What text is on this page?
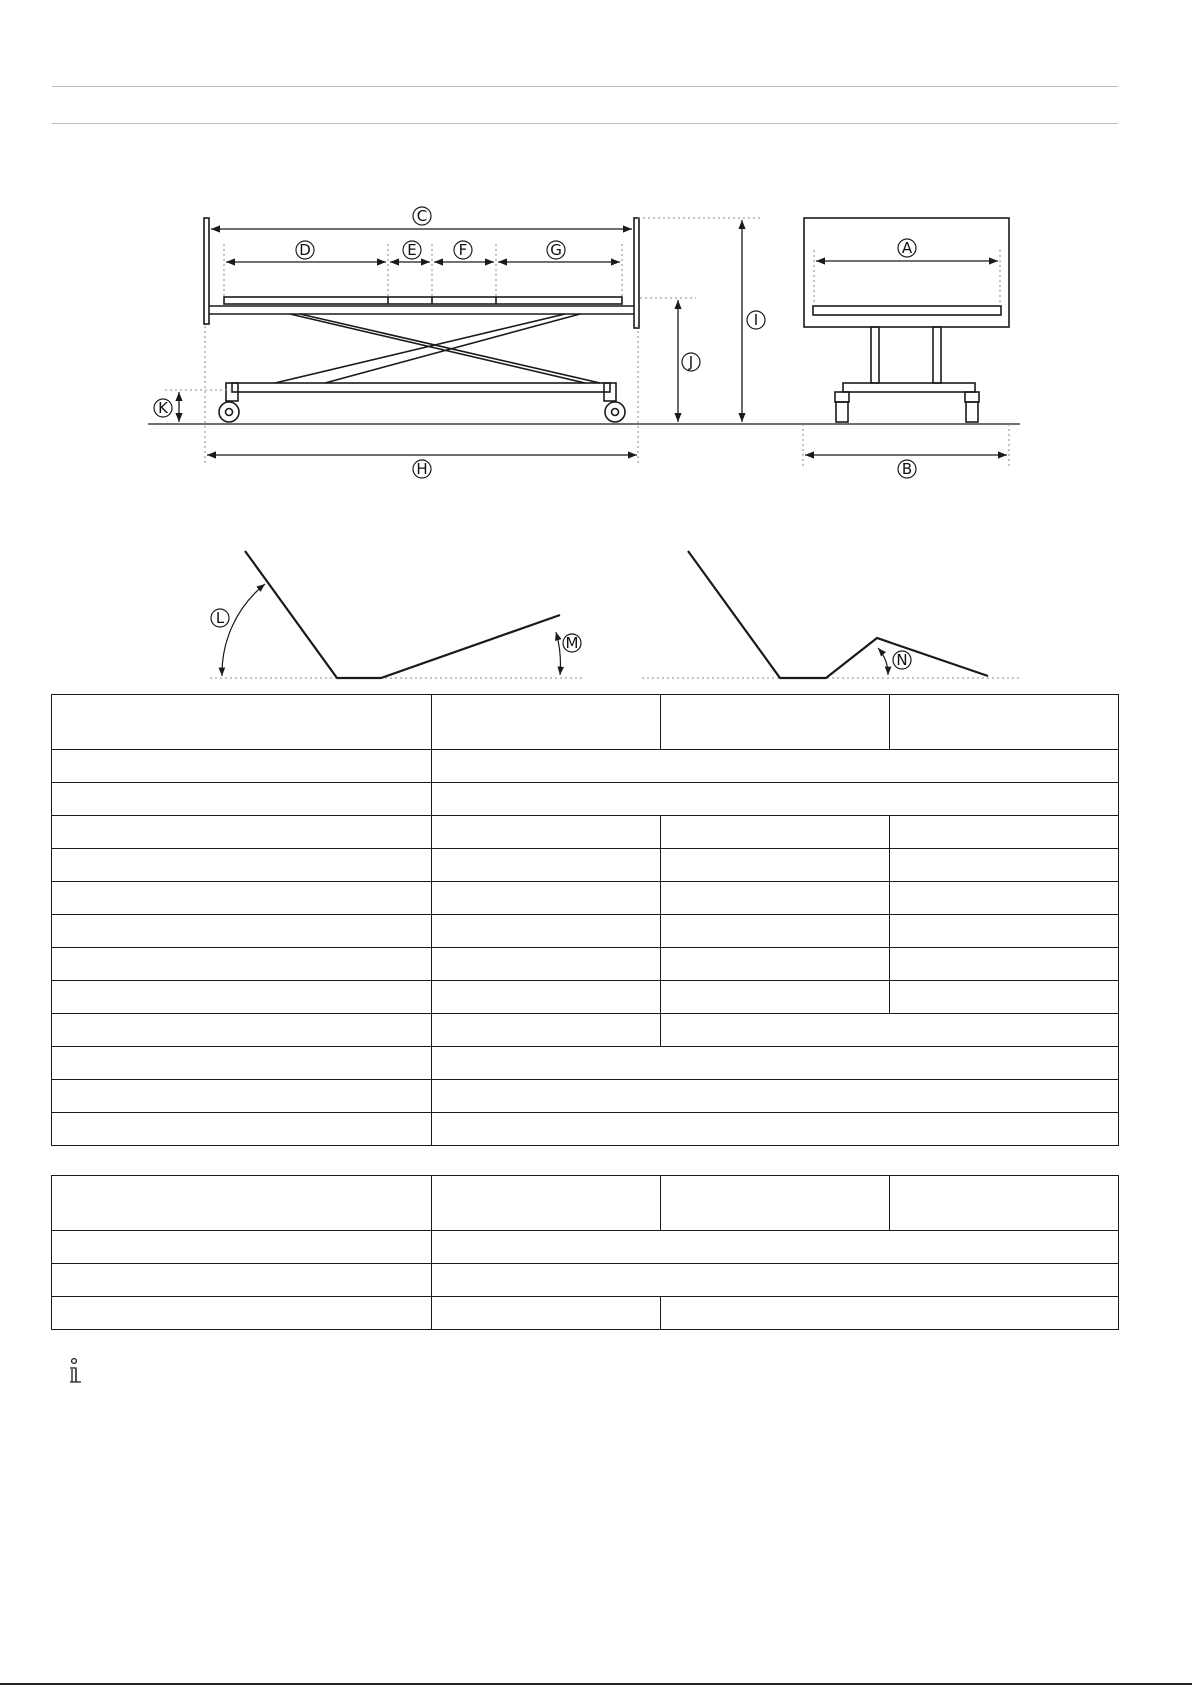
C
D	E	F	G
H
J
I
K
A
B
L
M
N
